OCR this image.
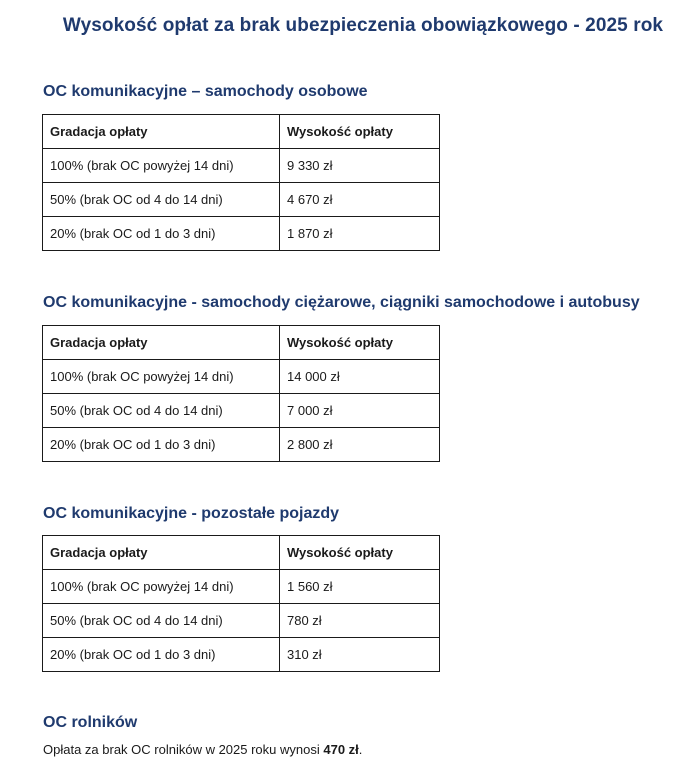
Wysokość opłat za brak ubezpieczenia obowiązkowego - 2025 rok
OC komunikacyjne – samochody osobowe
Gradacja opłaty	Wysokość opłaty
100% (brak OC powyżej 14 dni)	9 330 zł
50% (brak OC od 4 do 14 dni)	4 670 zł
20% (brak OC od 1 do 3 dni)	1 870 zł
OC komunikacyjne - samochody ciężarowe, ciągniki samochodowe i autobusy
Gradacja opłaty	Wysokość opłaty
100% (brak OC powyżej 14 dni)	14 000 zł
50% (brak OC od 4 do 14 dni)	7 000 zł
20% (brak OC od 1 do 3 dni)	2 800 zł
OC komunikacyjne - pozostałe pojazdy
Gradacja opłaty	Wysokość opłaty
100% (brak OC powyżej 14 dni)	1 560 zł
50% (brak OC od 4 do 14 dni)	780 zł
20% (brak OC od 1 do 3 dni)	310 zł
OC rolników
Opłata za brak OC rolników w 2025 roku wynosi 470 zł.
